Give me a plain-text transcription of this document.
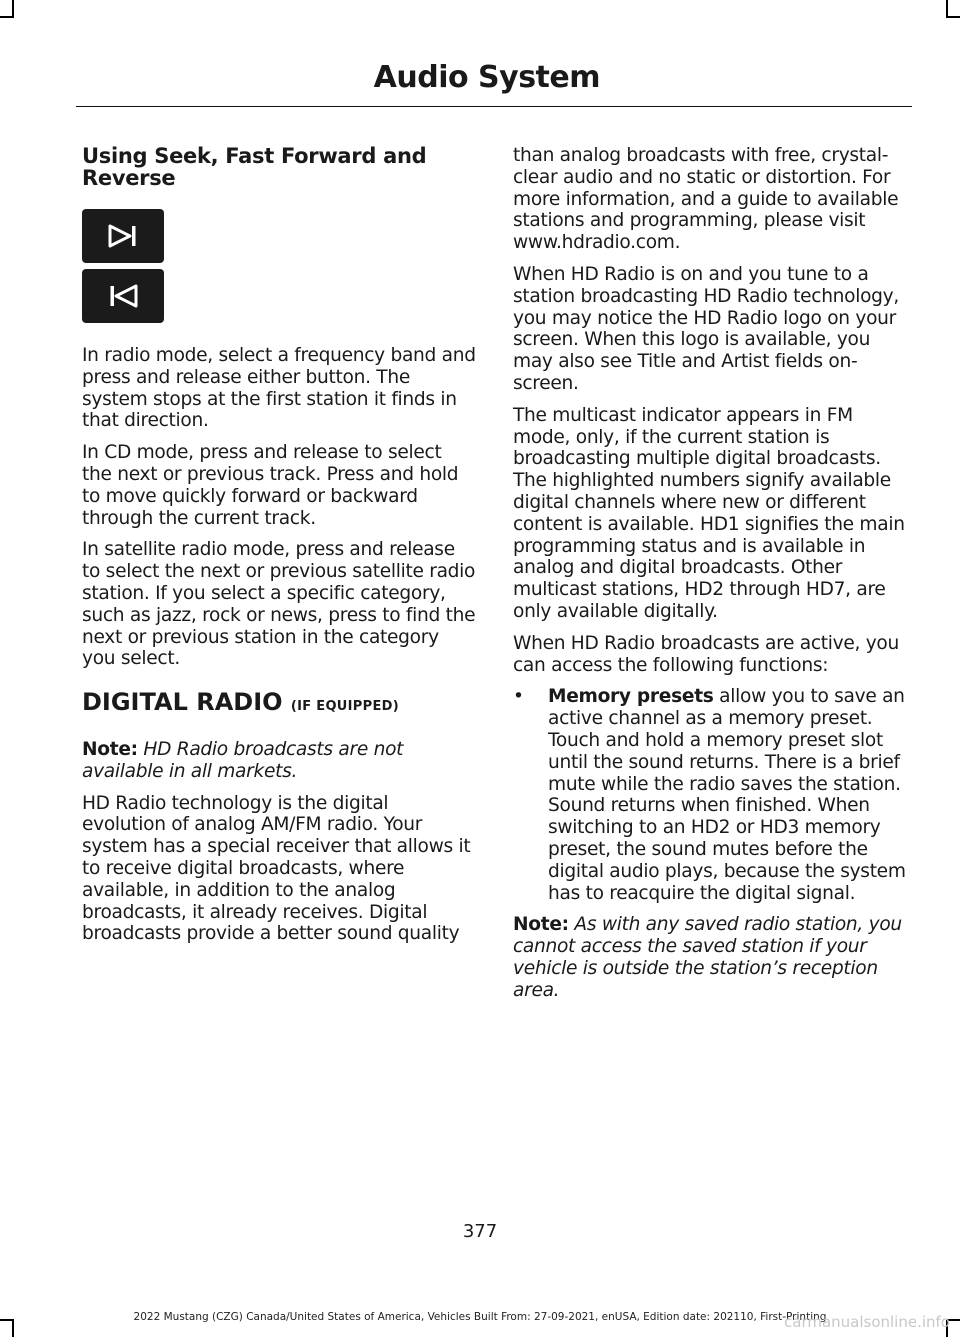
Audio System
Using Seek, Fast Forward and Reverse

In radio mode, select a frequency band and press and release either button. The system stops at the first station it finds in that direction.

In CD mode, press and release to select the next or previous track. Press and hold to move quickly forward or backward through the current track.

In satellite radio mode, press and release to select the next or previous satellite radio station. If you select a specific category, such as jazz, rock or news, press to find the next or previous station in the category you select.

DIGITAL RADIO (IF EQUIPPED)

Note: HD Radio broadcasts are not available in all markets.

HD Radio technology is the digital evolution of analog AM/FM radio. Your system has a special receiver that allows it to receive digital broadcasts, where available, in addition to the analog broadcasts, it already receives. Digital broadcasts provide a better sound quality

than analog broadcasts with free, crystal-clear audio and no static or distortion. For more information, and a guide to available stations and programming, please visit www.hdradio.com.

When HD Radio is on and you tune to a station broadcasting HD Radio technology, you may notice the HD Radio logo on your screen. When this logo is available, you may also see Title and Artist fields on-screen.

The multicast indicator appears in FM mode, only, if the current station is broadcasting multiple digital broadcasts. The highlighted numbers signify available digital channels where new or different content is available. HD1 signifies the main programming status and is available in analog and digital broadcasts. Other multicast stations, HD2 through HD7, are only available digitally.

When HD Radio broadcasts are active, you can access the following functions:

•	Memory presets allow you to save an active channel as a memory preset. Touch and hold a memory preset slot until the sound returns. There is a brief mute while the radio saves the station. Sound returns when finished. When switching to an HD2 or HD3 memory preset, the sound mutes before the digital audio plays, because the system has to reacquire the digital signal.

Note: As with any saved radio station, you cannot access the saved station if your vehicle is outside the station’s reception area.

377
2022 Mustang (CZG) Canada/United States of America, Vehicles Built From: 27-09-2021, enUSA, Edition date: 202110, First-Printing
carmanualsonline.info
